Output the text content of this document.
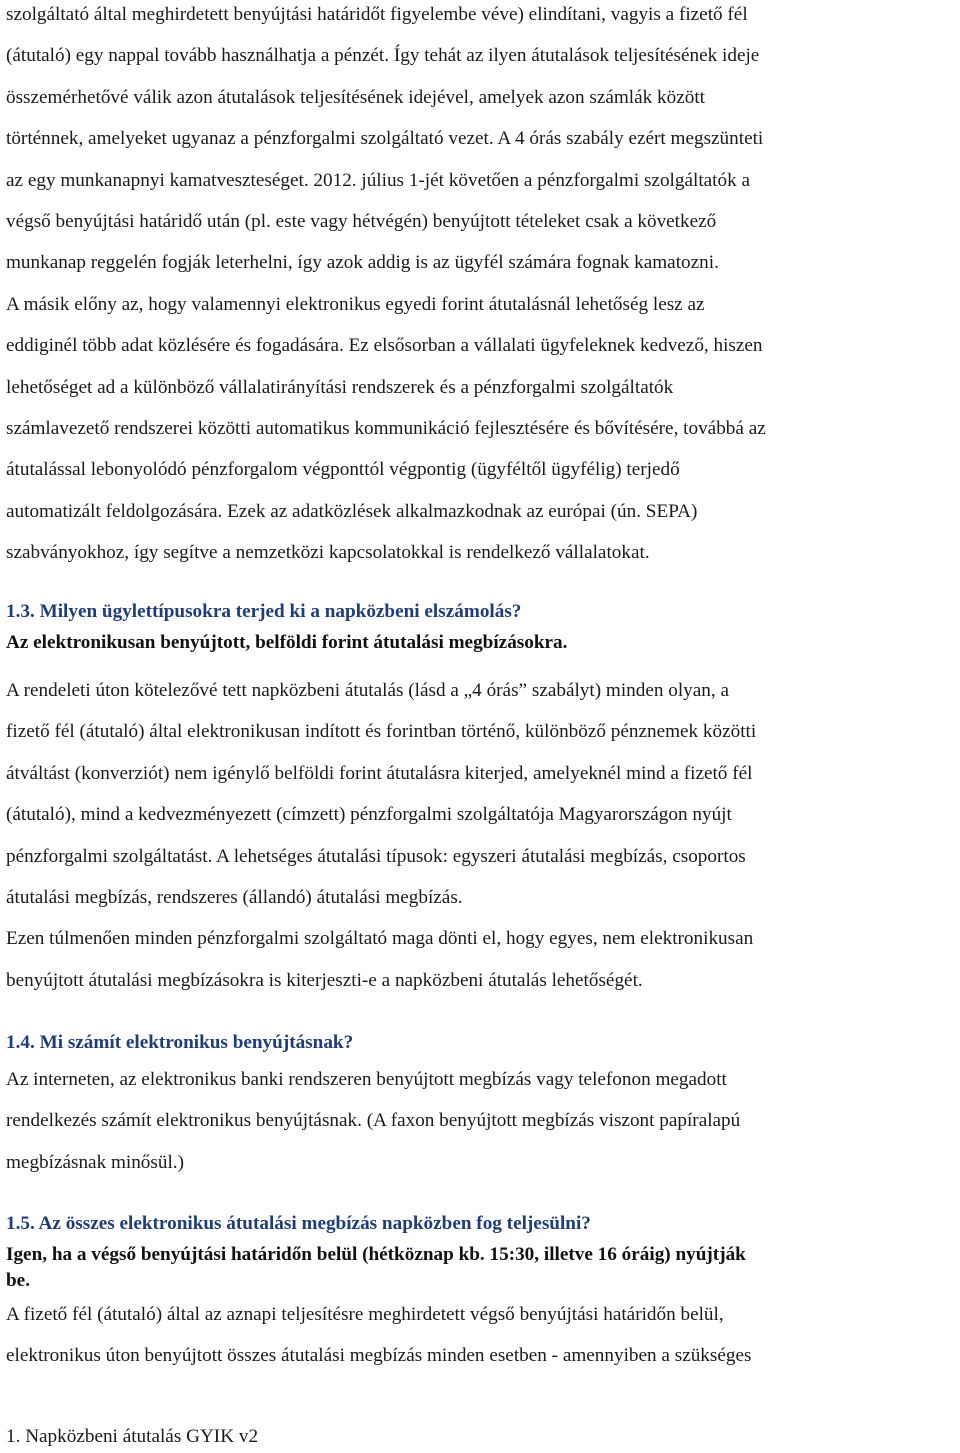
szolgáltató által meghirdetett benyújtási határidőt figyelembe véve) elindítani, vagyis a fizető fél
(átutaló) egy nappal tovább használhatja a pénzét. Így tehát az ilyen átutalások teljesítésének ideje
összemérhetővé válik azon átutalások teljesítésének idejével, amelyek azon számlák között
történnek, amelyeket ugyanaz a pénzforgalmi szolgáltató vezet. A 4 órás szabály ezért megszünteti
az egy munkanapnyi kamatveszteséget. 2012. július 1-jét követően a pénzforgalmi szolgáltatók a
végső benyújtási határidő után (pl. este vagy hétvégén) benyújtott tételeket csak a következő
munkanap reggelén fogják leterhelni, így azok addig is az ügyfél számára fognak kamatozni.
A másik előny az, hogy valamennyi elektronikus egyedi forint átutalásnál lehetőség lesz az
eddiginél több adat közlésére és fogadására. Ez elsősorban a vállalati ügyfeleknek kedvező, hiszen
lehetőséget ad a különböző vállalatirányítási rendszerek és a pénzforgalmi szolgáltatók
számlavezető rendszerei közötti automatikus kommunikáció fejlesztésére és bővítésére, továbbá az
átutalással lebonyolódó pénzforgalom végponttól végpontig (ügyféltől ügyfélig) terjedő
automatizált feldolgozására. Ezek az adatközlések alkalmazkodnak az európai (ún. SEPA)
szabványokhoz, így segítve a nemzetközi kapcsolatokkal is rendelkező vállalatokat.
1.3. Milyen ügylettípusokra terjed ki a napközbeni elszámolás?
Az elektronikusan benyújtott, belföldi forint átutalási megbízásokra.
A rendeleti úton kötelezővé tett napközbeni átutalás (lásd a „4 órás” szabályt) minden olyan, a
fizető fél (átutaló) által elektronikusan indított és forintban történő, különböző pénznemek közötti
átváltást (konverziót) nem igénylő belföldi forint átutalásra kiterjed, amelyeknél mind a fizető fél
(átutaló), mind a kedvezményezett (címzett) pénzforgalmi szolgáltatója Magyarországon nyújt
pénzforgalmi szolgáltatást. A lehetséges átutalási típusok: egyszeri átutalási megbízás, csoportos
átutalási megbízás, rendszeres (állandó) átutalási megbízás.
Ezen túlmenően minden pénzforgalmi szolgáltató maga dönti el, hogy egyes, nem elektronikusan
benyújtott átutalási megbízásokra is kiterjeszti-e a napközbeni átutalás lehetőségét.
1.4. Mi számít elektronikus benyújtásnak?
Az interneten, az elektronikus banki rendszeren benyújtott megbízás vagy telefonon megadott
rendelkezés számít elektronikus benyújtásnak. (A faxon benyújtott megbízás viszont papíralapú
megbízásnak minősül.)
1.5. Az összes elektronikus átutalási megbízás napközben fog teljesülni?
Igen, ha a végső benyújtási határidőn belül (hétköznap kb. 15:30, illetve 16 óráig) nyújtják
be.
A fizető fél (átutaló) által az aznapi teljesítésre meghirdetett végső benyújtási határidőn belül,
elektronikus úton benyújtott összes átutalási megbízás minden esetben - amennyiben a szükséges
1. Napközbeni átutalás GYIK v2
